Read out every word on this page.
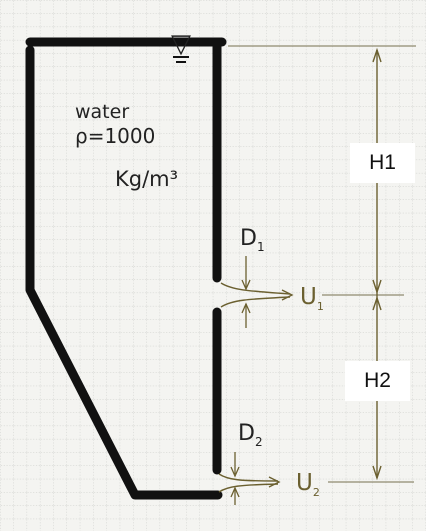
▽
water
ρ=1000
Kg/m³
$D_1$
$U_1$
$D_2$
$U_2$
H1
H2
